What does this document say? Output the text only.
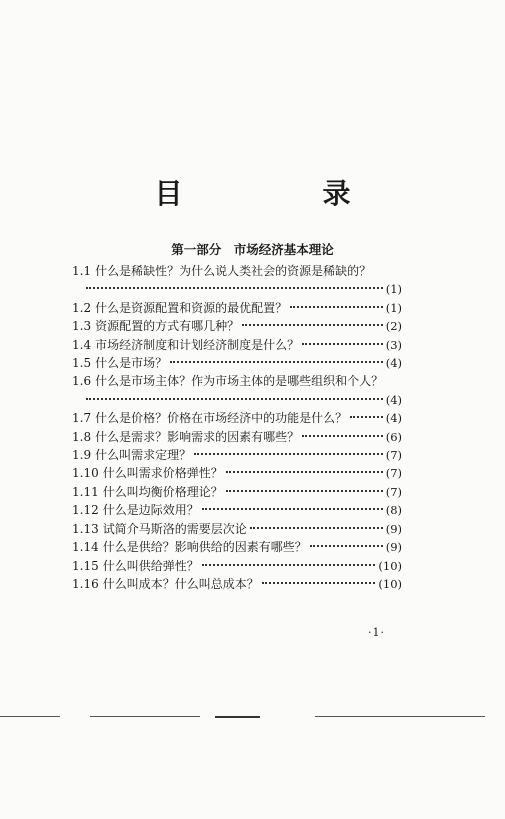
目　录
第一部分　市场经济基本理论
1.1 什么是稀缺性？为什么说人类社会的资源是稀缺的？
(1)
1.2 什么是资源配置和资源的最优配置？	(1)
1.3 资源配置的方式有哪几种？	(2)
1.4 市场经济制度和计划经济制度是什么？	(3)
1.5 什么是市场？	(4)
1.6 什么是市场主体？作为市场主体的是哪些组织和个人？
(4)
1.7 什么是价格？价格在市场经济中的功能是什么？	(4)
1.8 什么是需求？影响需求的因素有哪些？	(6)
1.9 什么叫需求定理？	(7)
1.10 什么叫需求价格弹性？	(7)
1.11 什么叫均衡价格理论？	(7)
1.12 什么是边际效用？	(8)
1.13 试简介马斯洛的需要层次论	(9)
1.14 什么是供给？影响供给的因素有哪些？	(9)
1.15 什么叫供给弹性？	(10)
1.16 什么叫成本？什么叫总成本？	(10)
·1·
